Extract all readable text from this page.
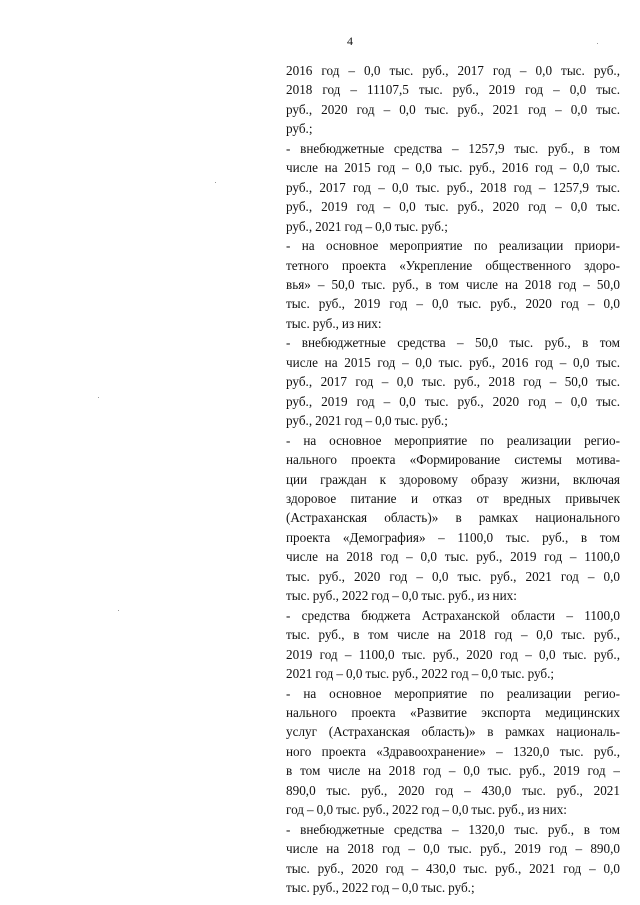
4

2016 год – 0,0 тыс. руб., 2017 год – 0,0 тыс. руб.,
2018 год – 11107,5 тыс. руб., 2019 год – 0,0 тыс.
руб., 2020 год – 0,0 тыс. руб., 2021 год – 0,0 тыс.
руб.;

- внебюджетные средства – 1257,9 тыс. руб., в том
числе на 2015 год – 0,0 тыс. руб., 2016 год – 0,0 тыс.
руб., 2017 год – 0,0 тыс. руб., 2018 год – 1257,9 тыс.
руб., 2019 год – 0,0 тыс. руб., 2020 год – 0,0 тыс.
руб., 2021 год – 0,0 тыс. руб.;

- на основное мероприятие по реализации приори-
тетного проекта «Укрепление общественного здоро-
вья» – 50,0 тыс. руб., в том числе на 2018 год – 50,0
тыс. руб., 2019 год – 0,0 тыс. руб., 2020 год – 0,0
тыс. руб., из них:

- внебюджетные средства – 50,0 тыс. руб., в том
числе на 2015 год – 0,0 тыс. руб., 2016 год – 0,0 тыс.
руб., 2017 год – 0,0 тыс. руб., 2018 год – 50,0 тыс.
руб., 2019 год – 0,0 тыс. руб., 2020 год – 0,0 тыс.
руб., 2021 год – 0,0 тыс. руб.;

- на основное мероприятие по реализации регио-
нального проекта «Формирование системы мотива-
ции граждан к здоровому образу жизни, включая
здоровое питание и отказ от вредных привычек
(Астраханская область)» в рамках национального
проекта «Демография» – 1100,0 тыс. руб., в том
числе на 2018 год – 0,0 тыс. руб., 2019 год – 1100,0
тыс. руб., 2020 год – 0,0 тыс. руб., 2021 год – 0,0
тыс. руб., 2022 год – 0,0 тыс. руб., из них:

- средства бюджета Астраханской области – 1100,0
тыс. руб., в том числе на 2018 год – 0,0 тыс. руб.,
2019 год – 1100,0 тыс. руб., 2020 год – 0,0 тыс. руб.,
2021 год – 0,0 тыс. руб., 2022 год – 0,0 тыс. руб.;

- на основное мероприятие по реализации регио-
нального проекта «Развитие экспорта медицинских
услуг (Астраханская область)» в рамках националь-
ного проекта «Здравоохранение» – 1320,0 тыс. руб.,
в том числе на 2018 год – 0,0 тыс. руб., 2019 год –
890,0 тыс. руб., 2020 год – 430,0 тыс. руб., 2021
год – 0,0 тыс. руб., 2022 год – 0,0 тыс. руб., из них:

- внебюджетные средства – 1320,0 тыс. руб., в том
числе на 2018 год – 0,0 тыс. руб., 2019 год – 890,0
тыс. руб., 2020 год – 430,0 тыс. руб., 2021 год – 0,0
тыс. руб., 2022 год – 0,0 тыс. руб.;
